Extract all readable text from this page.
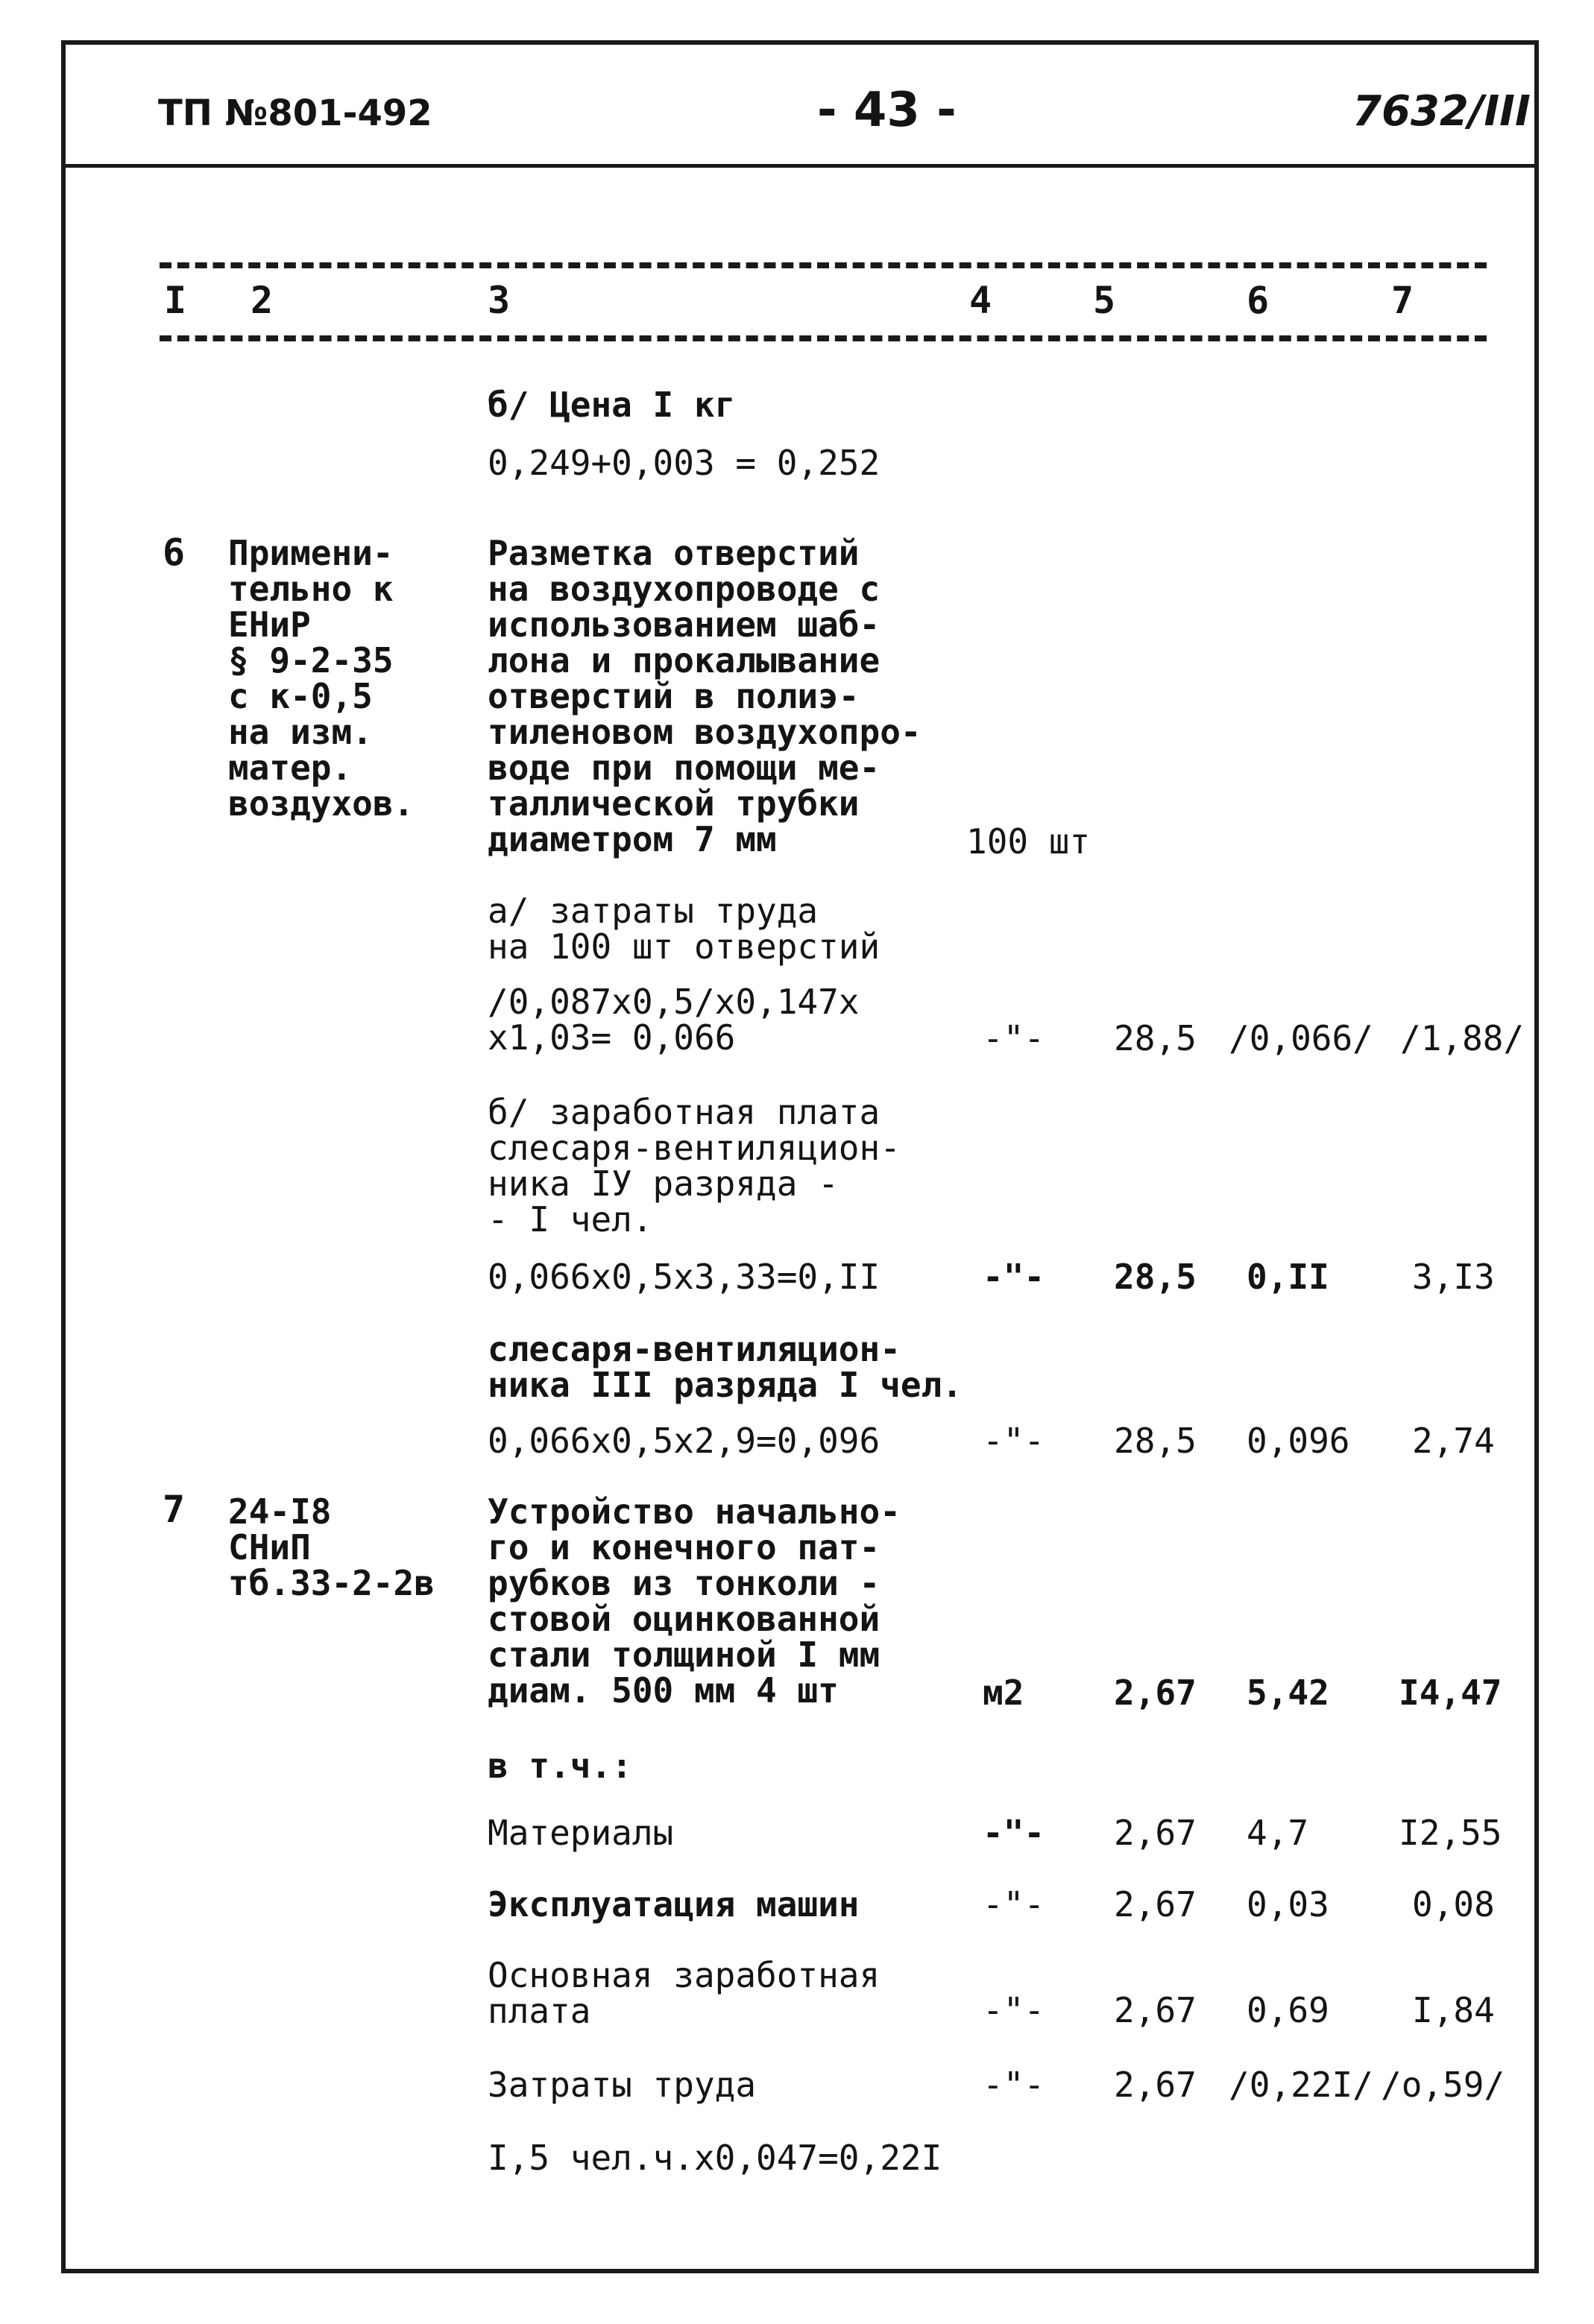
ТП №801-492	- 43 -	7632/III
I 2	3	4	5	6	7
б/ Цена I кг
0,249+0,003 = 0,252
6 Примени-
тельно к
ЕНиР
§ 9-2-35
с к-0,5
на изм.
матер.
воздухов.
Разметка отверстий
на воздухопроводе с
использованием шаб-
лона и прокалывание
отверстий в полиэ-
тиленовом воздухопро-
воде при помощи ме-
таллической трубки
диаметром 7 мм	100 шт
а/ затраты труда
на 100 шт отверстий
/0,087х0,5/х0,147х
х1,03= 0,066	-"- 28,5 /0,066/ /1,88/
б/ заработная плата
слесаря-вентиляцион-
ника IУ разряда -
- I чел.
0,066х0,5х3,33=0,II	-"- 28,5 0,II 3,I3
слесаря-вентиляцион-
ника III разряда I чел.
0,066х0,5х2,9=0,096	-"- 28,5 0,096 2,74
7 24-I8
СНиП
тб.33-2-2в
Устройство начально-
го и конечного пат-
рубков из тонколи -
стовой оцинкованной
стали толщиной I мм
диам. 500 мм 4 шт	м2	2,67 5,42 I4,47
в т.ч.:
Материалы	-"- 2,67 4,7	I2,55
Эксплуатация машин	-"- 2,67 0,03 0,08
Основная заработная
плата	-"- 2,67 0,69 I,84
Затраты труда	-"- 2,67 /0,22I/ /о,59/
I,5 чел.ч.х0,047=0,22I
